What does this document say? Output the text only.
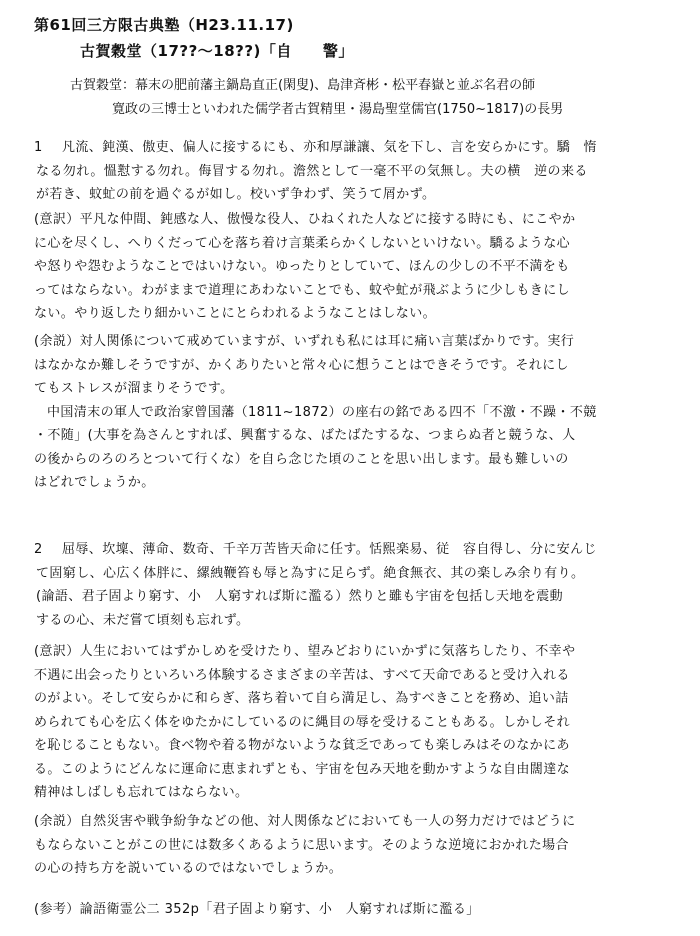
第61回三方限古典塾（H23.11.17)
古賀穀堂（17??～18??)「自　　警」
古賀穀堂：幕末の肥前藩主鍋島直正(閑叟)、島津斉彬・松平春嶽と並ぶ名君の師
寛政の三博士といわれた儒学者古賀精里・湯島聖堂儒官(1750~1817)の長男

1 凡流、鈍漢、傲吏、偏人に接するにも、亦和厚謙讓、気を下し、言を安らかにす。驕　惰

なる勿れ。慍懟する勿れ。侮冒する勿れ。澹然として一毫不平の気無し。夫の横　逆の来る

が若き、蚊虻の前を過ぐるが如し。校いず争わず、笑うて屑かず。

(意訳）平凡な仲間、鈍感な人、傲慢な役人、ひねくれた人などに接する時にも、にこやか

に心を尽くし、へりくだって心を落ち着け言葉柔らかくしないといけない。驕るような心

や怒りや怨むようなことではいけない。ゆったりとしていて、ほんの少しの不平不満をも

ってはならない。わがままで道理にあわないことでも、蚊や虻が飛ぶように少しもきにし

ない。やり返したり細かいことにとらわれるようなことはしない。

(余説）対人関係について戒めていますが、いずれも私には耳に痛い言葉ばかりです。実行

はなかなか難しそうですが、かくありたいと常々心に想うことはできそうです。それにし

てもストレスが溜まりそうです。

中国清末の軍人で政治家曾国藩（1811~1872）の座右の銘である四不「不激・不躁・不競

・不随」(大事を為さんとすれば、興奮するな、ばたばたするな、つまらぬ者と競うな、人

の後からのろのろとついて行くな）を自ら念じた頃のことを思い出します。最も難しいの

はどれでしょうか。

2 屈辱、坎壈、薄命、数奇、千辛万苦皆天命に任す。恬熙楽易、従　容自得し、分に安んじ

て固窮し、心広く体胖に、縲絏鞭笞も辱と為すに足らず。絶食無衣、其の楽しみ余り有り。

(論語、君子固より窮す、小　人窮すれば斯に濫る）然りと雖も宇宙を包括し天地を震動

するの心、未だ嘗て頃刻も忘れず。

(意訳）人生においてはずかしめを受けたり、望みどおりにいかずに気落ちしたり、不幸や

不遇に出会ったりといろいろ体験するさまざまの辛苦は、すべて天命であると受け入れる

のがよい。そして安らかに和らぎ、落ち着いて自ら満足し、為すべきことを務め、追い詰

められても心を広く体をゆたかにしているのに縄目の辱を受けることもある。しかしそれ

を恥じることもない。食べ物や着る物がないような貧乏であっても楽しみはそのなかにあ

る。このようにどんなに運命に恵まれずとも、宇宙を包み天地を動かすような自由闊達な

精神はしばしも忘れてはならない。

(余説）自然災害や戦争紛争などの他、対人関係などにおいても一人の努力だけではどうに

もならないことがこの世には数多くあるように思います。そのような逆境におかれた場合

の心の持ち方を説いているのではないでしょうか。

(参考）論語衛霊公二 352p「君子固より窮す、小　人窮すれば斯に濫る」
